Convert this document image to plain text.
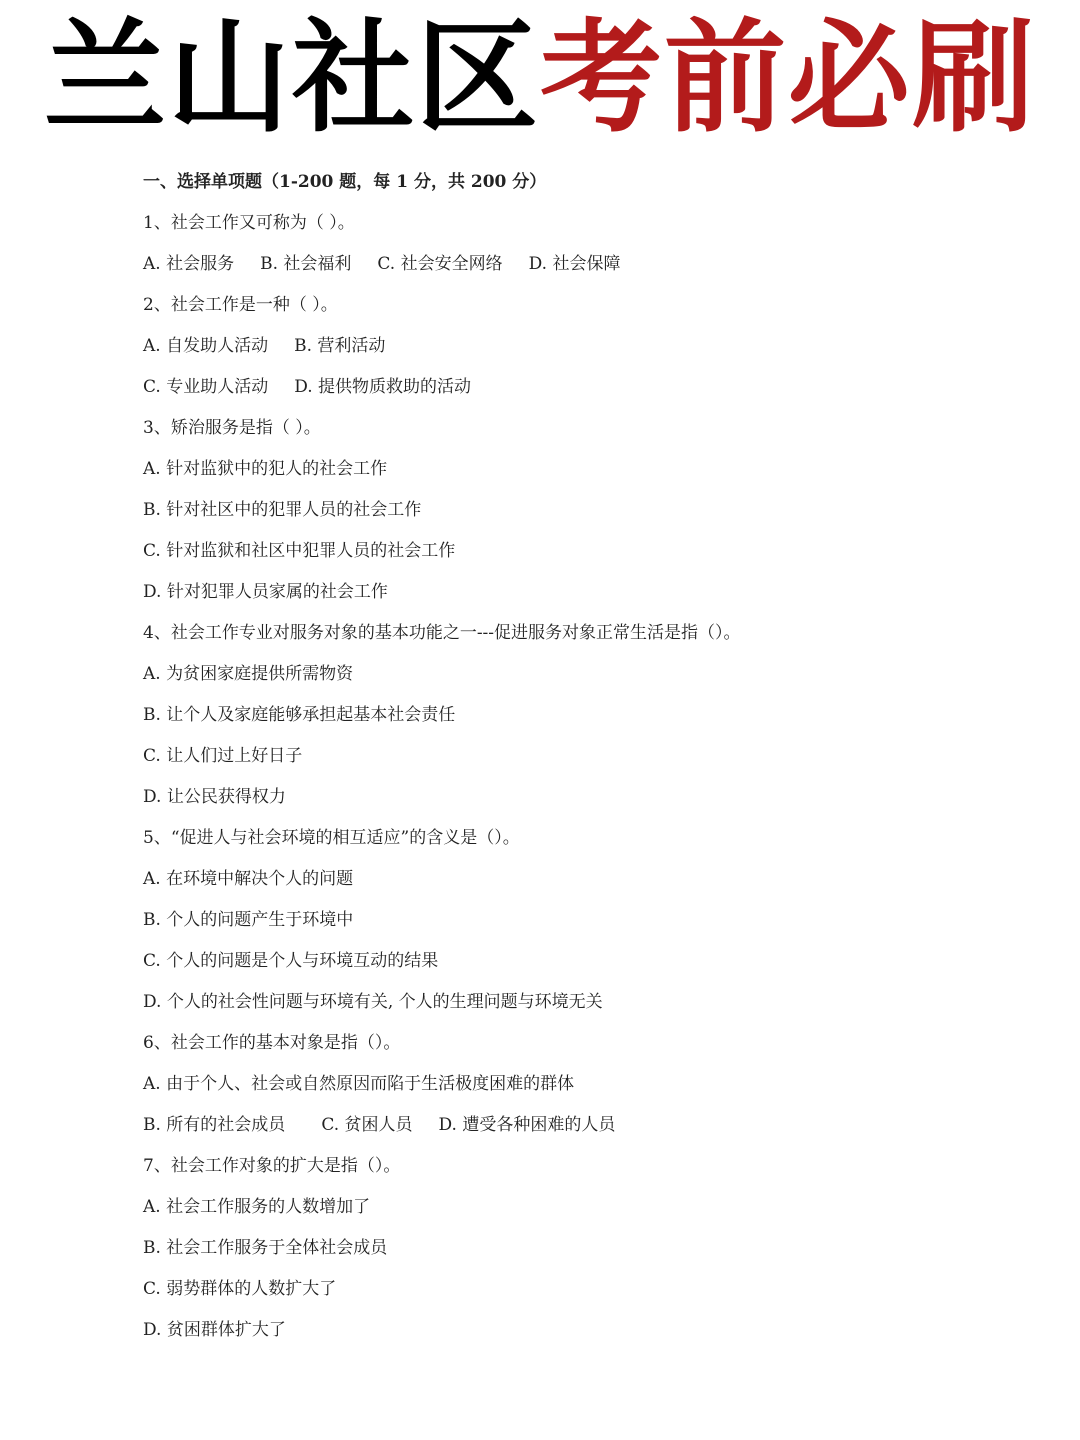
兰山社区考前必刷
一、选择单项题（1-200 题，每 1 分，共 200 分）
1、社会工作又可称为（ ）。
A. 社会服务 B. 社会福利 C. 社会安全网络 D. 社会保障
2、社会工作是一种（ ）。
A. 自发助人活动 B. 营利活动
C. 专业助人活动 D. 提供物质救助的活动
3、矫治服务是指（ ）。
A. 针对监狱中的犯人的社会工作
B. 针对社区中的犯罪人员的社会工作
C. 针对监狱和社区中犯罪人员的社会工作
D. 针对犯罪人员家属的社会工作
4、社会工作专业对服务对象的基本功能之一---促进服务对象正常生活是指（）。
A. 为贫困家庭提供所需物资
B. 让个人及家庭能够承担起基本社会责任
C. 让人们过上好日子
D. 让公民获得权力
5、“促进人与社会环境的相互适应”的含义是（）。
A. 在环境中解决个人的问题
B. 个人的问题产生于环境中
C. 个人的问题是个人与环境互动的结果
D. 个人的社会性问题与环境有关, 个人的生理问题与环境无关
6、社会工作的基本对象是指（）。
A. 由于个人、社会或自然原因而陷于生活极度困难的群体
B. 所有的社会成员 C. 贫困人员 D. 遭受各种困难的人员
7、社会工作对象的扩大是指（）。
A. 社会工作服务的人数增加了
B. 社会工作服务于全体社会成员
C. 弱势群体的人数扩大了
D. 贫困群体扩大了
